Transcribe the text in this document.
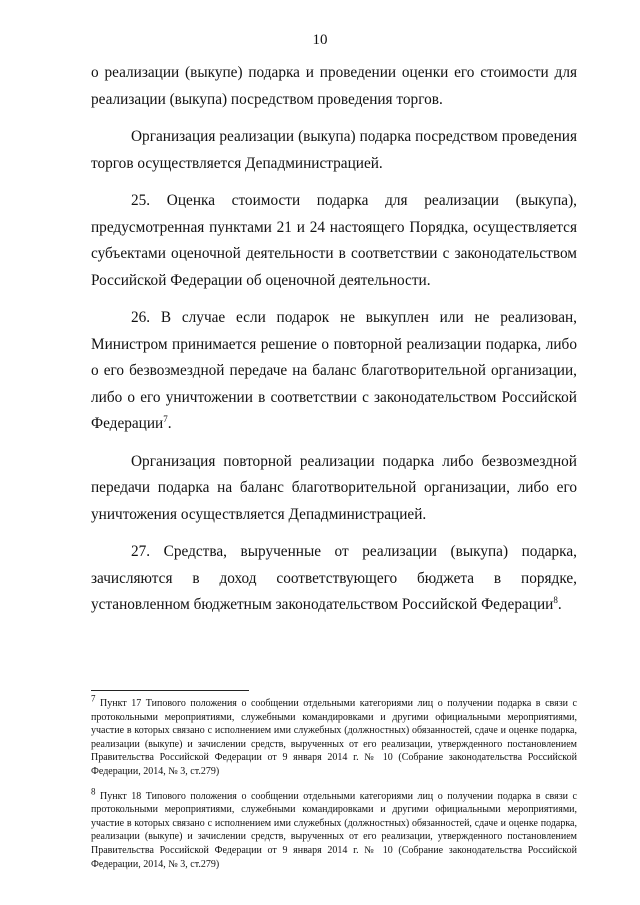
10

о реализации (выкупе) подарка и проведении оценки его стоимости для реализации (выкупа) посредством проведения торгов.

Организация реализации (выкупа) подарка посредством проведения торгов осуществляется Депадминистрацией.

25. Оценка стоимости подарка для реализации (выкупа), предусмотренная пунктами 21 и 24 настоящего Порядка, осуществляется субъектами оценочной деятельности в соответствии с законодательством Российской Федерации об оценочной деятельности.

26. В случае если подарок не выкуплен или не реализован, Министром принимается решение о повторной реализации подарка, либо о его безвозмездной передаче на баланс благотворительной организации, либо о его уничтожении в соответствии с законодательством Российской Федерации$^7$.

Организация повторной реализации подарка либо безвозмездной передачи подарка на баланс благотворительной организации, либо его уничтожения осуществляется Депадминистрацией.

27. Средства, вырученные от реализации (выкупа) подарка, зачисляются в доход соответствующего бюджета в порядке, установленном бюджетным законодательством Российской Федерации$^8$.

$^7$ Пункт 17 Типового положения о сообщении отдельными категориями лиц о получении подарка в связи с протокольными мероприятиями, служебными командировками и другими официальными мероприятиями, участие в которых связано с исполнением ими служебных (должностных) обязанностей, сдаче и оценке подарка, реализации (выкупе) и зачислении средств, вырученных от его реализации, утвержденного постановлением Правительства Российской Федерации от 9 января 2014 г. № 10 (Собрание законодательства Российской Федерации, 2014, № 3, ст.279)

$^8$ Пункт 18 Типового положения о сообщении отдельными категориями лиц о получении подарка в связи с протокольными мероприятиями, служебными командировками и другими официальными мероприятиями, участие в которых связано с исполнением ими служебных (должностных) обязанностей, сдаче и оценке подарка, реализации (выкупе) и зачислении средств, вырученных от его реализации, утвержденного постановлением Правительства Российской Федерации от 9 января 2014 г. № 10 (Собрание законодательства Российской Федерации, 2014, № 3, ст.279)
